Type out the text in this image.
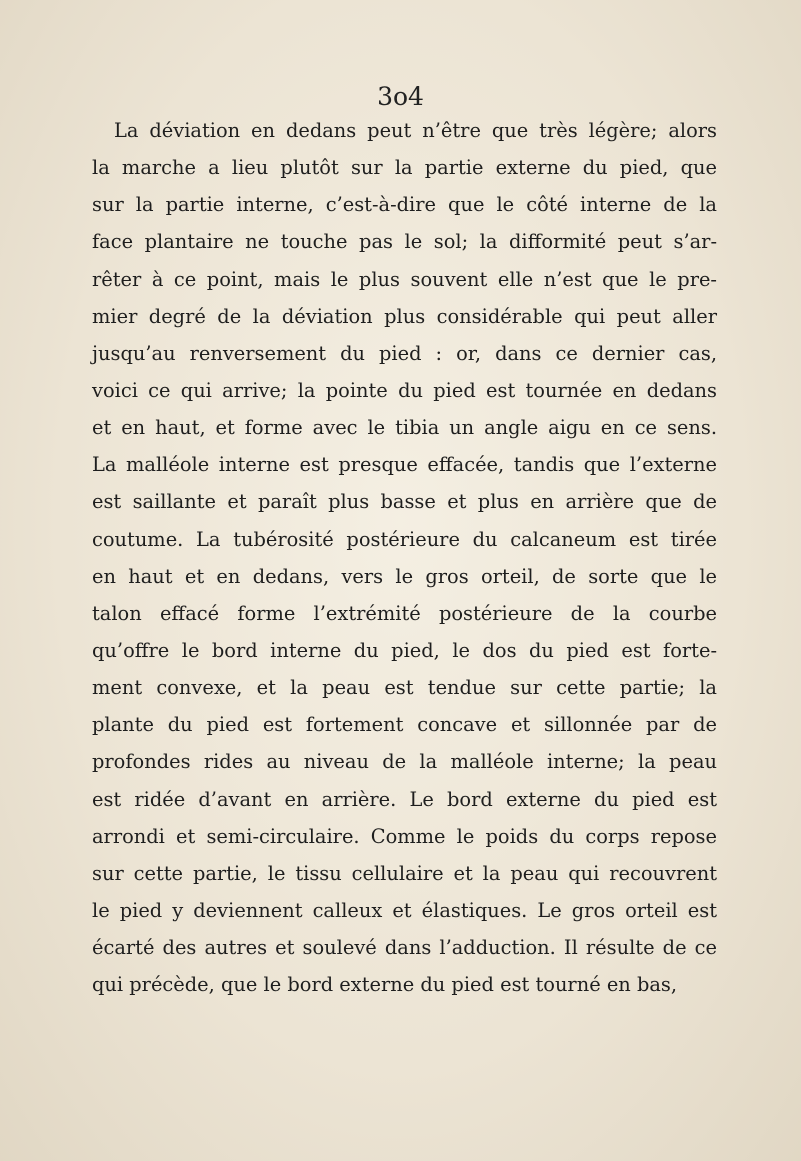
3o4
La déviation en dedans peut n’être que très légère; alors
la marche a lieu plutôt sur la partie externe du pied, que
sur la partie interne, c’est-à-dire que le côté interne de la
face plantaire ne touche pas le sol; la difformité peut s’ar-
rêter à ce point, mais le plus souvent elle n’est que le pre-
mier degré de la déviation plus considérable qui peut aller
jusqu’au renversement du pied : or, dans ce dernier cas,
voici ce qui arrive; la pointe du pied est tournée en dedans
et en haut, et forme avec le tibia un angle aigu en ce sens.
La malléole interne est presque effacée, tandis que l’externe
est saillante et paraît plus basse et plus en arrière que de
coutume. La tubérosité postérieure du calcaneum est tirée
en haut et en dedans, vers le gros orteil, de sorte que le
talon effacé forme l’extrémité postérieure de la courbe
qu’offre le bord interne du pied, le dos du pied est forte-
ment convexe, et la peau est tendue sur cette partie; la
plante du pied est fortement concave et sillonnée par de
profondes rides au niveau de la malléole interne; la peau
est ridée d’avant en arrière. Le bord externe du pied est
arrondi et semi-circulaire. Comme le poids du corps repose
sur cette partie, le tissu cellulaire et la peau qui recouvrent
le pied y deviennent calleux et élastiques. Le gros orteil est
écarté des autres et soulevé dans l’adduction. Il résulte de ce
qui précède, que le bord externe du pied est tourné en bas,
